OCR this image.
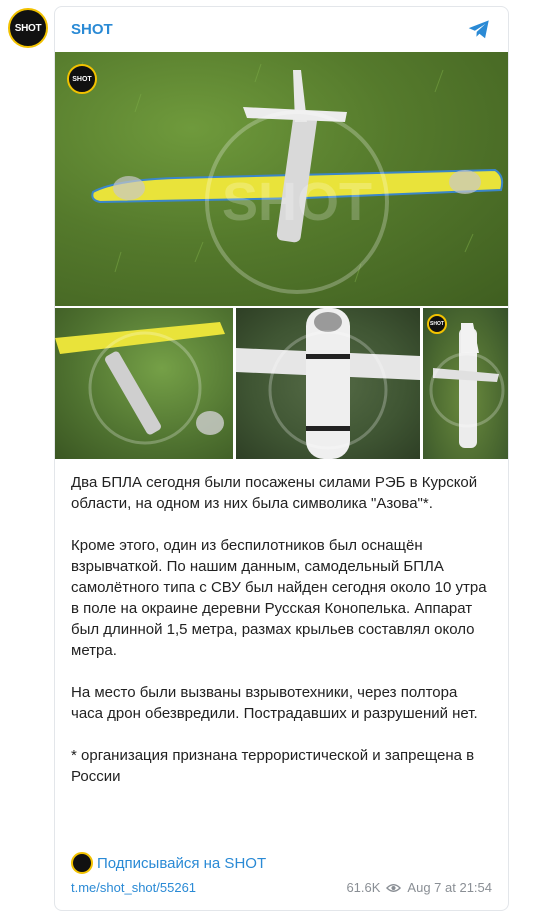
SHOT SHOT
SHOT
SHOT
SHOT

Два БПЛА сегодня были посажены силами РЭБ в Курской области, на одном из них была символика "Азова"*.

Кроме этого, один из беспилотников был оснащён взрывчаткой. По нашим данным, самодельный БПЛА самолётного типа с СВУ был найден сегодня около 10 утра в поле на окраине деревни Русская Конопелька. Аппарат был длинной 1,5 метра, размах крыльев составлял около метра.

На место были вызваны взрывотехники, через полтора часа дрон обезвредили. Пострадавших и разрушений нет.

* организация признана террористической и запрещена в России

Подписывайся на SHOT
t.me/shot_shot/55261	61.6K Aug 7 at 21:54
